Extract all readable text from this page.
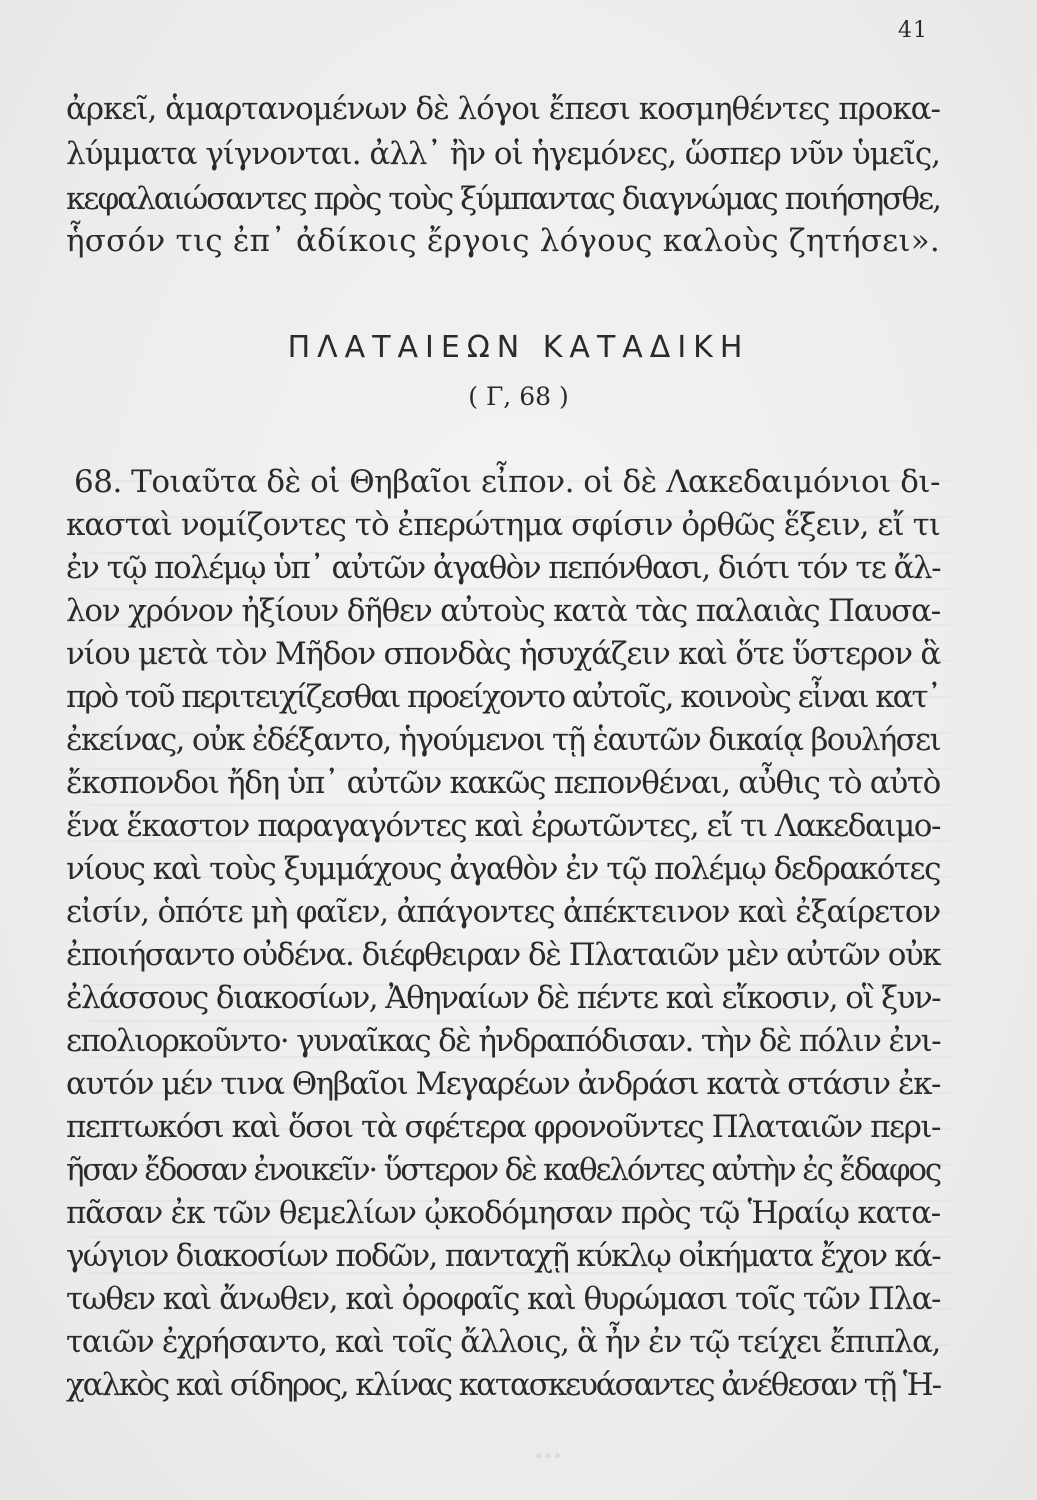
41
ἀρκεῖ, ἁμαρτανομένων δὲ λόγοι ἔπεσι κοσμηθέντες προκα-
λύμματα γίγνονται. ἀλλ᾽ ἢν οἱ ἡγεμόνες, ὥσπερ νῦν ὑμεῖς,
κεφαλαιώσαντες πρὸς τοὺς ξύμπαντας διαγνώμας ποιήσησθε,
ἧσσόν τις ἐπ᾽ ἀδίκοις ἔργοις λόγους καλοὺς ζητήσει».
ΠΛΑΤΑΙΕΩΝ ΚΑΤΑΔΙΚΗ
( Γ, 68 )
68. Τοιαῦτα δὲ οἱ Θηβαῖοι εἶπον. οἱ δὲ Λακεδαιμόνιοι δι-
κασταὶ νομίζοντες τὸ ἐπερώτημα σφίσιν ὀρθῶς ἕξειν, εἴ τι
ἐν τῷ πολέμῳ ὑπ᾽ αὐτῶν ἀγαθὸν πεπόνθασι, διότι τόν τε ἄλ-
λον χρόνον ἠξίουν δῆθεν αὐτοὺς κατὰ τὰς παλαιὰς Παυσα-
νίου μετὰ τὸν Μῆδον σπονδὰς ἡσυχάζειν καὶ ὅτε ὕστερον ἃ
πρὸ τοῦ περιτειχίζεσθαι προείχοντο αὐτοῖς, κοινοὺς εἶναι κατ᾽
ἐκείνας, οὐκ ἐδέξαντο, ἡγούμενοι τῇ ἑαυτῶν δικαίᾳ βουλήσει
ἔκσπονδοι ἤδη ὑπ᾽ αὐτῶν κακῶς πεπονθέναι, αὖθις τὸ αὐτὸ
ἕνα ἕκαστον παραγαγόντες καὶ ἐρωτῶντες, εἴ τι Λακεδαιμο-
νίους καὶ τοὺς ξυμμάχους ἀγαθὸν ἐν τῷ πολέμῳ δεδρακότες
εἰσίν, ὁπότε μὴ φαῖεν, ἀπάγοντες ἀπέκτεινον καὶ ἐξαίρετον
ἐποιήσαντο οὐδένα. διέφθειραν δὲ Πλαταιῶν μὲν αὐτῶν οὐκ
ἐλάσσους διακοσίων, Ἀθηναίων δὲ πέντε καὶ εἴκοσιν, οἳ ξυν-
επολιορκοῦντο· γυναῖκας δὲ ἠνδραπόδισαν. τὴν δὲ πόλιν ἐνι-
αυτόν μέν τινα Θηβαῖοι Μεγαρέων ἀνδράσι κατὰ στάσιν ἐκ-
πεπτωκόσι καὶ ὅσοι τὰ σφέτερα φρονοῦντες Πλαταιῶν περι-
ῆσαν ἔδοσαν ἐνοικεῖν· ὕστερον δὲ καθελόντες αὐτὴν ἐς ἔδαφος
πᾶσαν ἐκ τῶν θεμελίων ᾠκοδόμησαν πρὸς τῷ Ἡραίῳ κατα-
γώγιον διακοσίων ποδῶν, πανταχῇ κύκλῳ οἰκήματα ἔχον κά-
τωθεν καὶ ἄνωθεν, καὶ ὀροφαῖς καὶ θυρώμασι τοῖς τῶν Πλα-
ταιῶν ἐχρήσαντο, καὶ τοῖς ἄλλοις, ἃ ἦν ἐν τῷ τείχει ἔπιπλα,
χαλκὸς καὶ σίδηρος, κλίνας κατασκευάσαντες ἀνέθεσαν τῇ Ἡ-
∗∗∗
